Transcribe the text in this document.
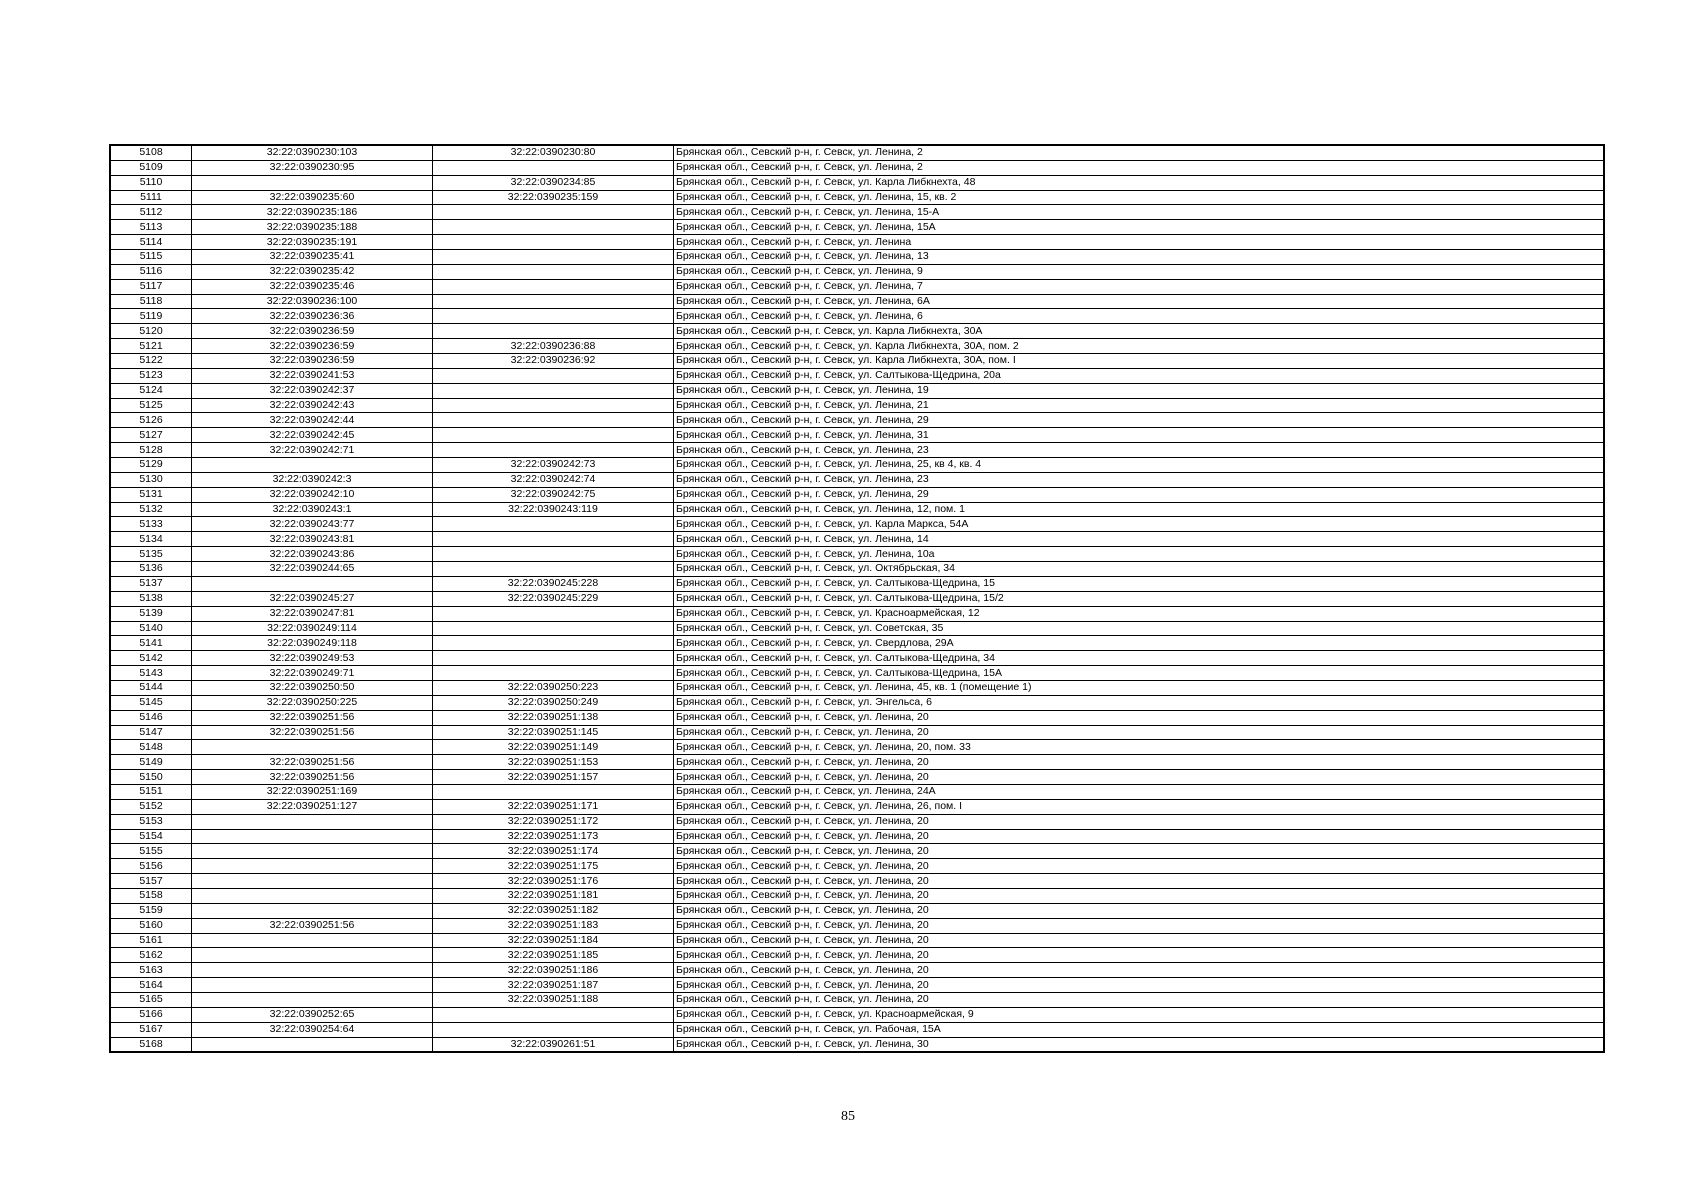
5108	32:22:0390230:103	32:22:0390230:80	Брянская обл., Севский р-н, г. Севск, ул. Ленина, 2
5109	32:22:0390230:95		Брянская обл., Севский р-н, г. Севск, ул. Ленина, 2
5110		32:22:0390234:85	Брянская обл., Севский р-н, г. Севск, ул. Карла Либкнехта, 48
5111	32:22:0390235:60	32:22:0390235:159	Брянская обл., Севский р-н, г. Севск, ул. Ленина, 15, кв. 2
5112	32:22:0390235:186		Брянская обл., Севский р-н, г. Севск, ул. Ленина, 15-А
5113	32:22:0390235:188		Брянская обл., Севский р-н, г. Севск, ул. Ленина, 15А
5114	32:22:0390235:191		Брянская обл., Севский р-н, г. Севск, ул. Ленина
5115	32:22:0390235:41		Брянская обл., Севский р-н, г. Севск, ул. Ленина, 13
5116	32:22:0390235:42		Брянская обл., Севский р-н, г. Севск, ул. Ленина, 9
5117	32:22:0390235:46		Брянская обл., Севский р-н, г. Севск, ул. Ленина, 7
5118	32:22:0390236:100		Брянская обл., Севский р-н, г. Севск, ул. Ленина, 6А
5119	32:22:0390236:36		Брянская обл., Севский р-н, г. Севск, ул. Ленина, 6
5120	32:22:0390236:59		Брянская обл., Севский р-н, г. Севск, ул. Карла Либкнехта, 30А
5121	32:22:0390236:59	32:22:0390236:88	Брянская обл., Севский р-н, г. Севск, ул. Карла Либкнехта, 30А, пом. 2
5122	32:22:0390236:59	32:22:0390236:92	Брянская обл., Севский р-н, г. Севск, ул. Карла Либкнехта, 30А, пом. I
5123	32:22:0390241:53		Брянская обл., Севский р-н, г. Севск, ул. Салтыкова-Щедрина, 20а
5124	32:22:0390242:37		Брянская обл., Севский р-н, г. Севск, ул. Ленина, 19
5125	32:22:0390242:43		Брянская обл., Севский р-н, г. Севск, ул. Ленина, 21
5126	32:22:0390242:44		Брянская обл., Севский р-н, г. Севск, ул. Ленина, 29
5127	32:22:0390242:45		Брянская обл., Севский р-н, г. Севск, ул. Ленина, 31
5128	32:22:0390242:71		Брянская обл., Севский р-н, г. Севск, ул. Ленина, 23
5129		32:22:0390242:73	Брянская обл., Севский р-н, г. Севск, ул. Ленина, 25, кв 4, кв. 4
5130	32:22:0390242:3	32:22:0390242:74	Брянская обл., Севский р-н, г. Севск, ул. Ленина, 23
5131	32:22:0390242:10	32:22:0390242:75	Брянская обл., Севский р-н, г. Севск, ул. Ленина, 29
5132	32:22:0390243:1	32:22:0390243:119	Брянская обл., Севский р-н, г. Севск, ул. Ленина, 12, пом. 1
5133	32:22:0390243:77		Брянская обл., Севский р-н, г. Севск, ул. Карла Маркса, 54А
5134	32:22:0390243:81		Брянская обл., Севский р-н, г. Севск, ул. Ленина, 14
5135	32:22:0390243:86		Брянская обл., Севский р-н, г. Севск, ул. Ленина, 10а
5136	32:22:0390244:65		Брянская обл., Севский р-н, г. Севск, ул. Октябрьская, 34
5137		32:22:0390245:228	Брянская обл., Севский р-н, г. Севск, ул. Салтыкова-Щедрина, 15
5138	32:22:0390245:27	32:22:0390245:229	Брянская обл., Севский р-н, г. Севск, ул. Салтыкова-Щедрина, 15/2
5139	32:22:0390247:81		Брянская обл., Севский р-н, г. Севск, ул. Красноармейская, 12
5140	32:22:0390249:114		Брянская обл., Севский р-н, г. Севск, ул. Советская, 35
5141	32:22:0390249:118		Брянская обл., Севский р-н, г. Севск, ул. Свердлова, 29А
5142	32:22:0390249:53		Брянская обл., Севский р-н, г. Севск, ул. Салтыкова-Щедрина, 34
5143	32:22:0390249:71		Брянская обл., Севский р-н, г. Севск, ул. Салтыкова-Щедрина, 15А
5144	32:22:0390250:50	32:22:0390250:223	Брянская обл., Севский р-н, г. Севск, ул. Ленина, 45, кв. 1 (помещение 1)
5145	32:22:0390250:225	32:22:0390250:249	Брянская обл., Севский р-н, г. Севск, ул. Энгельса, 6
5146	32:22:0390251:56	32:22:0390251:138	Брянская обл., Севский р-н, г. Севск, ул. Ленина, 20
5147	32:22:0390251:56	32:22:0390251:145	Брянская обл., Севский р-н, г. Севск, ул. Ленина, 20
5148		32:22:0390251:149	Брянская обл., Севский р-н, г. Севск, ул. Ленина, 20, пом. 33
5149	32:22:0390251:56	32:22:0390251:153	Брянская обл., Севский р-н, г. Севск, ул. Ленина, 20
5150	32:22:0390251:56	32:22:0390251:157	Брянская обл., Севский р-н, г. Севск, ул. Ленина, 20
5151	32:22:0390251:169		Брянская обл., Севский р-н, г. Севск, ул. Ленина, 24А
5152	32:22:0390251:127	32:22:0390251:171	Брянская обл., Севский р-н, г. Севск, ул. Ленина, 26, пом. I
5153		32:22:0390251:172	Брянская обл., Севский р-н, г. Севск, ул. Ленина, 20
5154		32:22:0390251:173	Брянская обл., Севский р-н, г. Севск, ул. Ленина, 20
5155		32:22:0390251:174	Брянская обл., Севский р-н, г. Севск, ул. Ленина, 20
5156		32:22:0390251:175	Брянская обл., Севский р-н, г. Севск, ул. Ленина, 20
5157		32:22:0390251:176	Брянская обл., Севский р-н, г. Севск, ул. Ленина, 20
5158		32:22:0390251:181	Брянская обл., Севский р-н, г. Севск, ул. Ленина, 20
5159		32:22:0390251:182	Брянская обл., Севский р-н, г. Севск, ул. Ленина, 20
5160	32:22:0390251:56	32:22:0390251:183	Брянская обл., Севский р-н, г. Севск, ул. Ленина, 20
5161		32:22:0390251:184	Брянская обл., Севский р-н, г. Севск, ул. Ленина, 20
5162		32:22:0390251:185	Брянская обл., Севский р-н, г. Севск, ул. Ленина, 20
5163		32:22:0390251:186	Брянская обл., Севский р-н, г. Севск, ул. Ленина, 20
5164		32:22:0390251:187	Брянская обл., Севский р-н, г. Севск, ул. Ленина, 20
5165		32:22:0390251:188	Брянская обл., Севский р-н, г. Севск, ул. Ленина, 20
5166	32:22:0390252:65		Брянская обл., Севский р-н, г. Севск, ул. Красноармейская, 9
5167	32:22:0390254:64		Брянская обл., Севский р-н, г. Севск, ул. Рабочая, 15А
5168		32:22:0390261:51	Брянская обл., Севский р-н, г. Севск, ул. Ленина, 30
85
